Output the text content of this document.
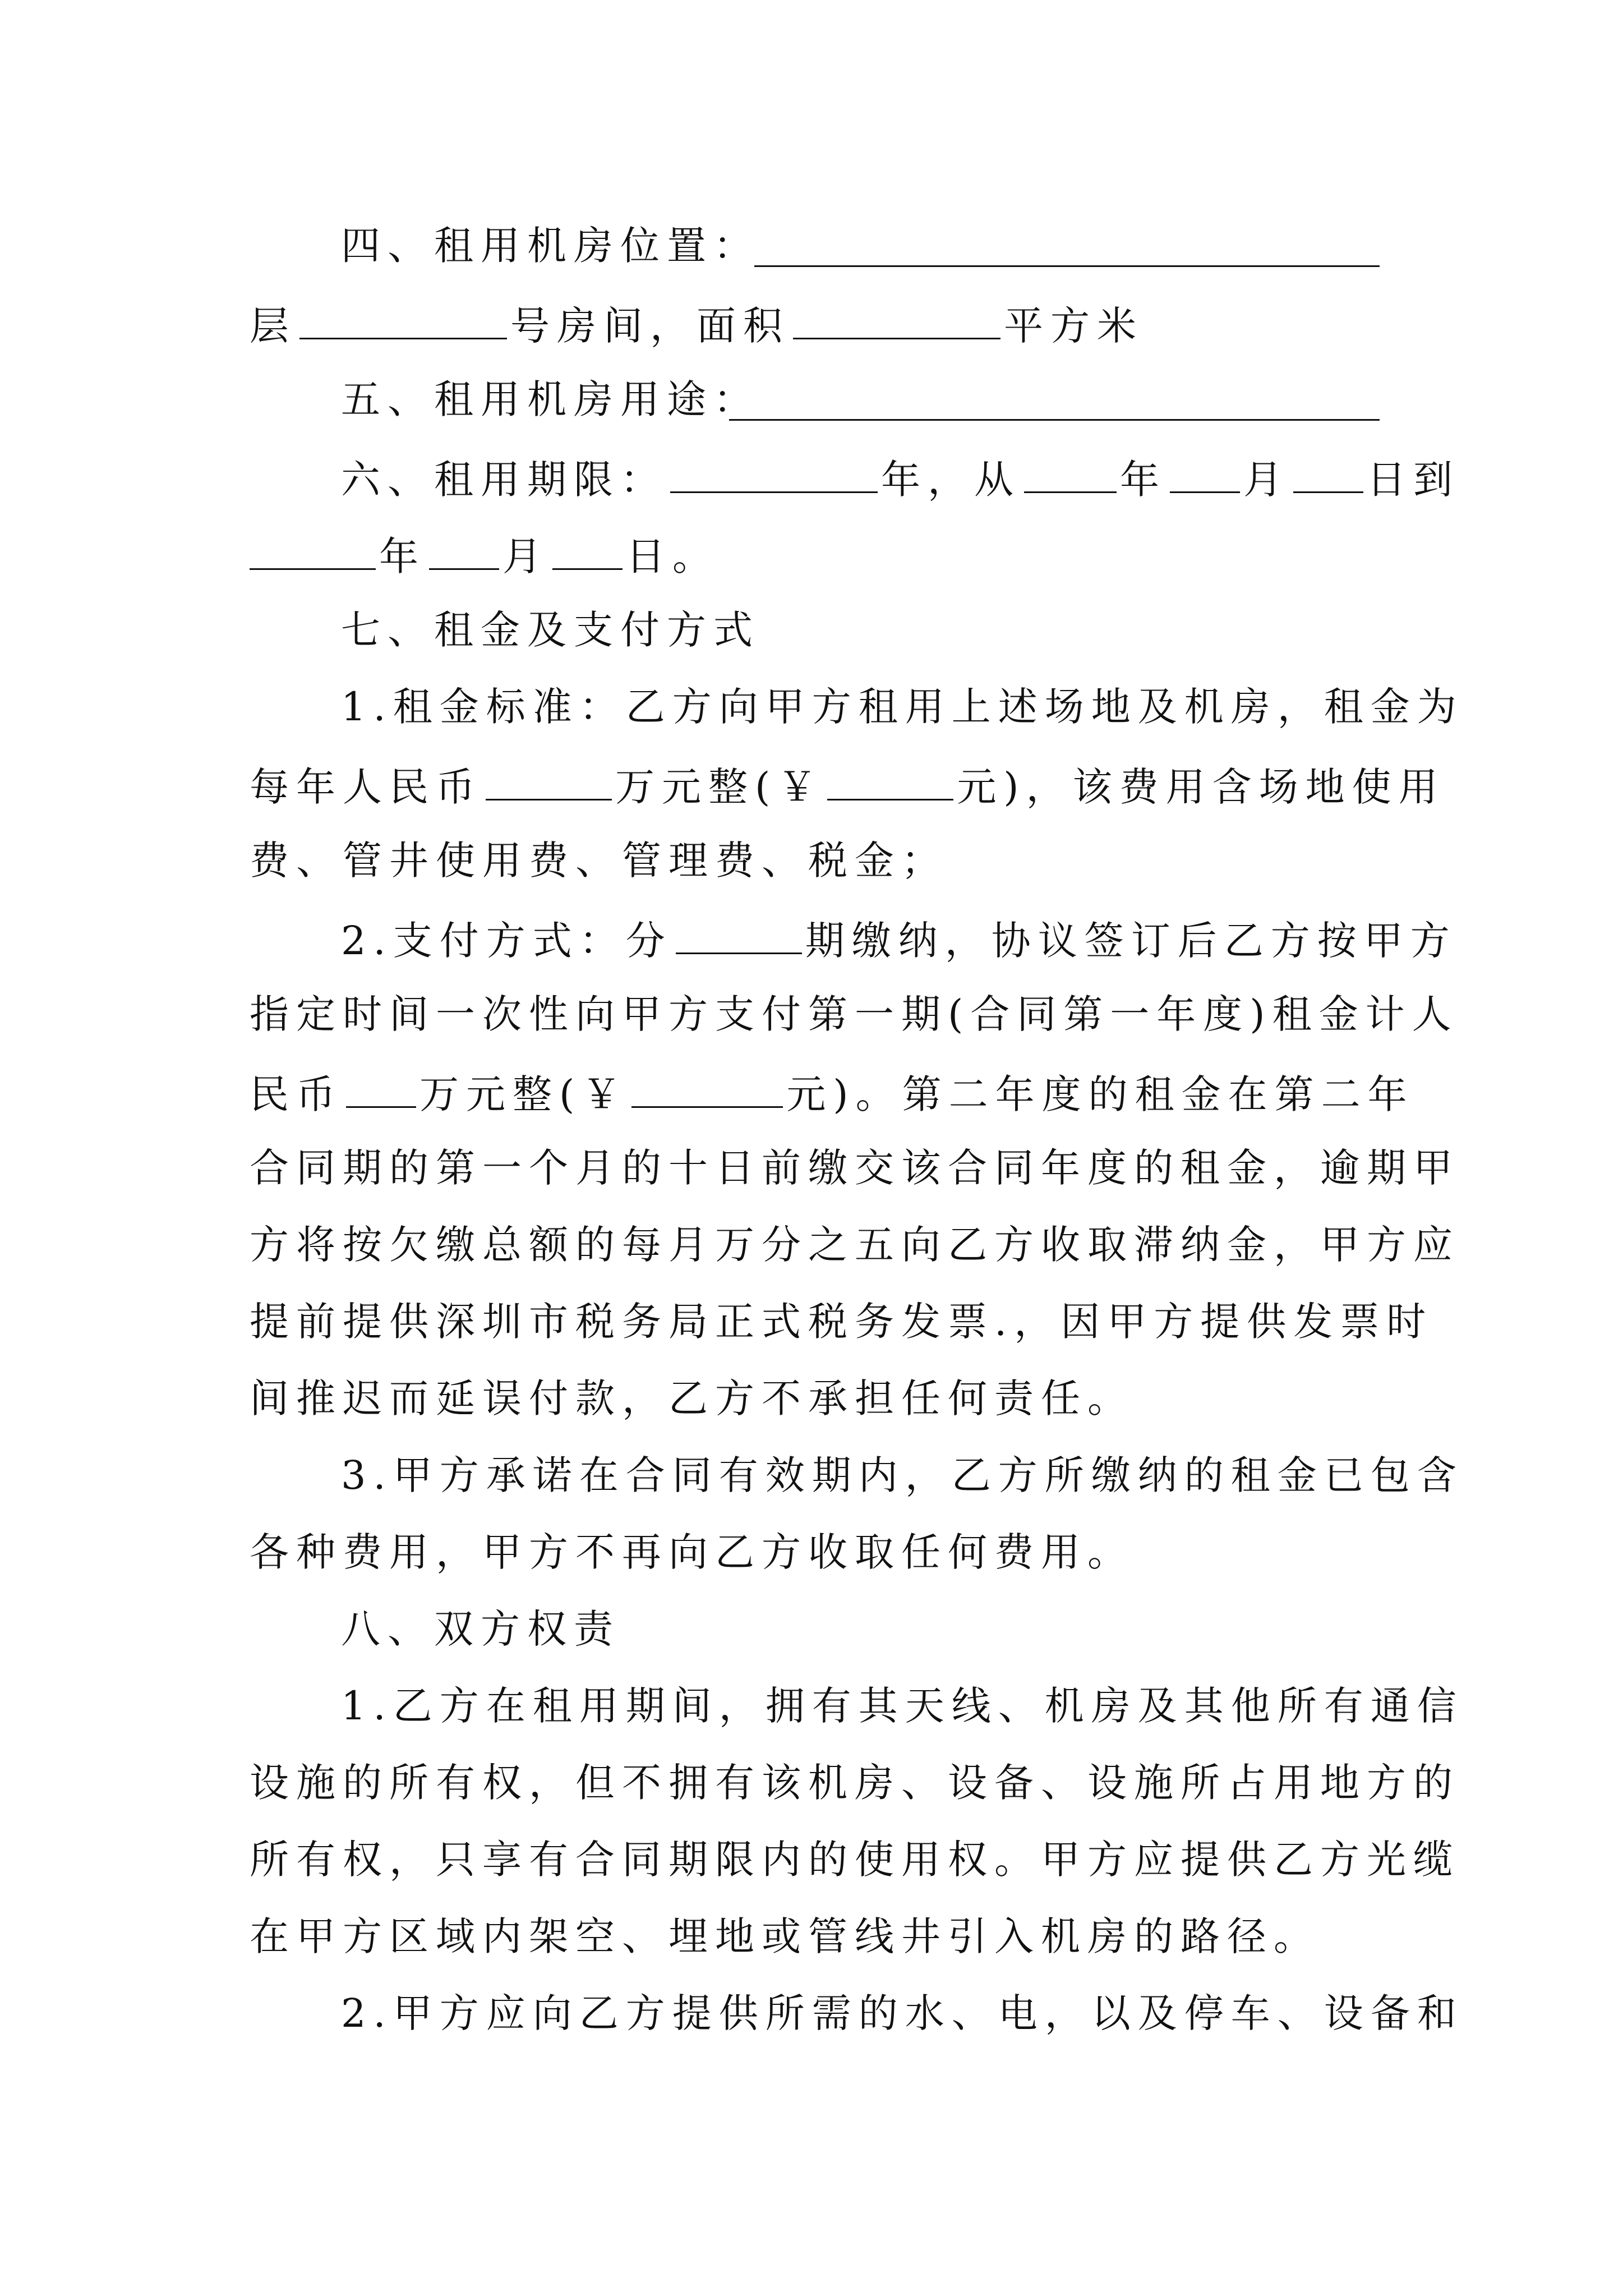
四、租用机房位置：
层	号房间，面积	平方米
五、租用机房用途：
六、租用期限：	年，从	年 月 日到
年 月 日。
七、租金及支付方式
1.租金标准：乙方向甲方租用上述场地及机房，租金为
每年人民币	万元整(￥	元)，该费用含场地使用
费、管井使用费、管理费、税金；
2.支付方式：分	期缴纳，协议签订后乙方按甲方
指定时间一次性向甲方支付第一期(合同第一年度)租金计人
民币 万元整(￥	元)。第二年度的租金在第二年
合同期的第一个月的十日前缴交该合同年度的租金，逾期甲
方将按欠缴总额的每月万分之五向乙方收取滞纳金，甲方应
提前提供深圳市税务局正式税务发票.，因甲方提供发票时
间推迟而延误付款，乙方不承担任何责任。
3.甲方承诺在合同有效期内，乙方所缴纳的租金已包含
各种费用，甲方不再向乙方收取任何费用。
八、双方权责
1.乙方在租用期间，拥有其天线、机房及其他所有通信
设施的所有权，但不拥有该机房、设备、设施所占用地方的
所有权，只享有合同期限内的使用权。甲方应提供乙方光缆
在甲方区域内架空、埋地或管线井引入机房的路径。
2.甲方应向乙方提供所需的水、电，以及停车、设备和
